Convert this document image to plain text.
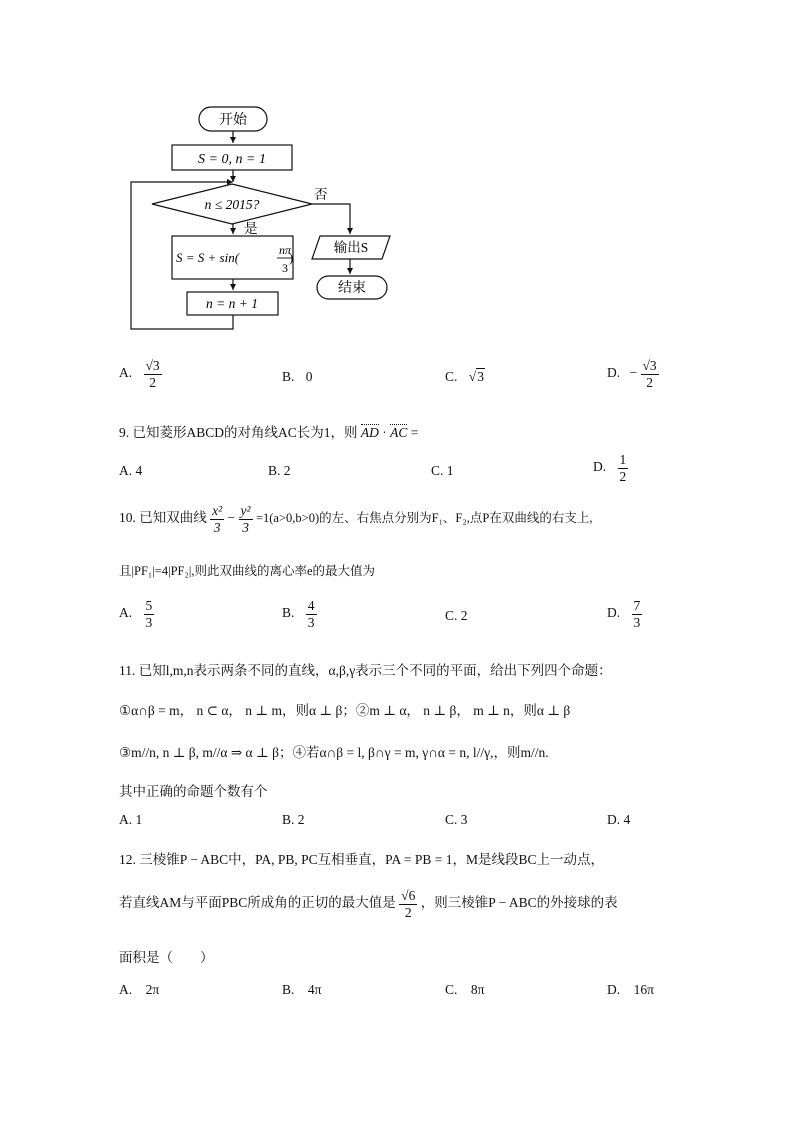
开始
S = 0, n = 1
n ≤ 2015?
否
是
S = S + sin(	nπ
3
)
n = n + 1
输出S
结束
A. $\frac{√3}{2}$	B. 0	C. √3	D. − $\frac{√3}{2}$
9. 已知菱形ABCD的对角线AC长为1，则 AD · AC =
A. 4	B. 2	C. 1	D. $\frac{1}{2}$
10. 已知双曲线 $\frac{\text{x²}}{3} - \frac{\text{y²}}{3} =1(a>0,b>0)$的左、右焦点分别为F₁、F₂,点P在双曲线的右支上,
且|PF₁|=4|PF₂|,则此双曲线的离心率e的最大值为
A. $\frac{5}{3}$	B. $\frac{4}{3}$	C. 2	D. $\frac{7}{3}$
11. 已知l,m,n表示两条不同的直线，α,β,γ表示三个不同的平面，给出下列四个命题：
①α∩β = m， n ⊂ α， n ⊥ m，则α ⊥ β；②m ⊥ α， n ⊥ β， m ⊥ n，则α ⊥ β
③m//n, n ⊥ β, m//α ⇒ α ⊥ β；④若α∩β = l, β∩γ = m, γ∩α = n, l//γ,，则m//n.
其中正确的命题个数有个
A. 1	B. 2	C. 3	D. 4
12. 三棱锥P − ABC中，PA, PB, PC互相垂直，PA = PB = 1，M是线段BC上一动点，
若直线AM与平面PBC所成角的正切的最大值是 $\frac{√6}{2}$ ，则三棱锥P − ABC的外接球的表
面积是（　　）
A.　2π	B.　4π	C.　8π	D.　16π
